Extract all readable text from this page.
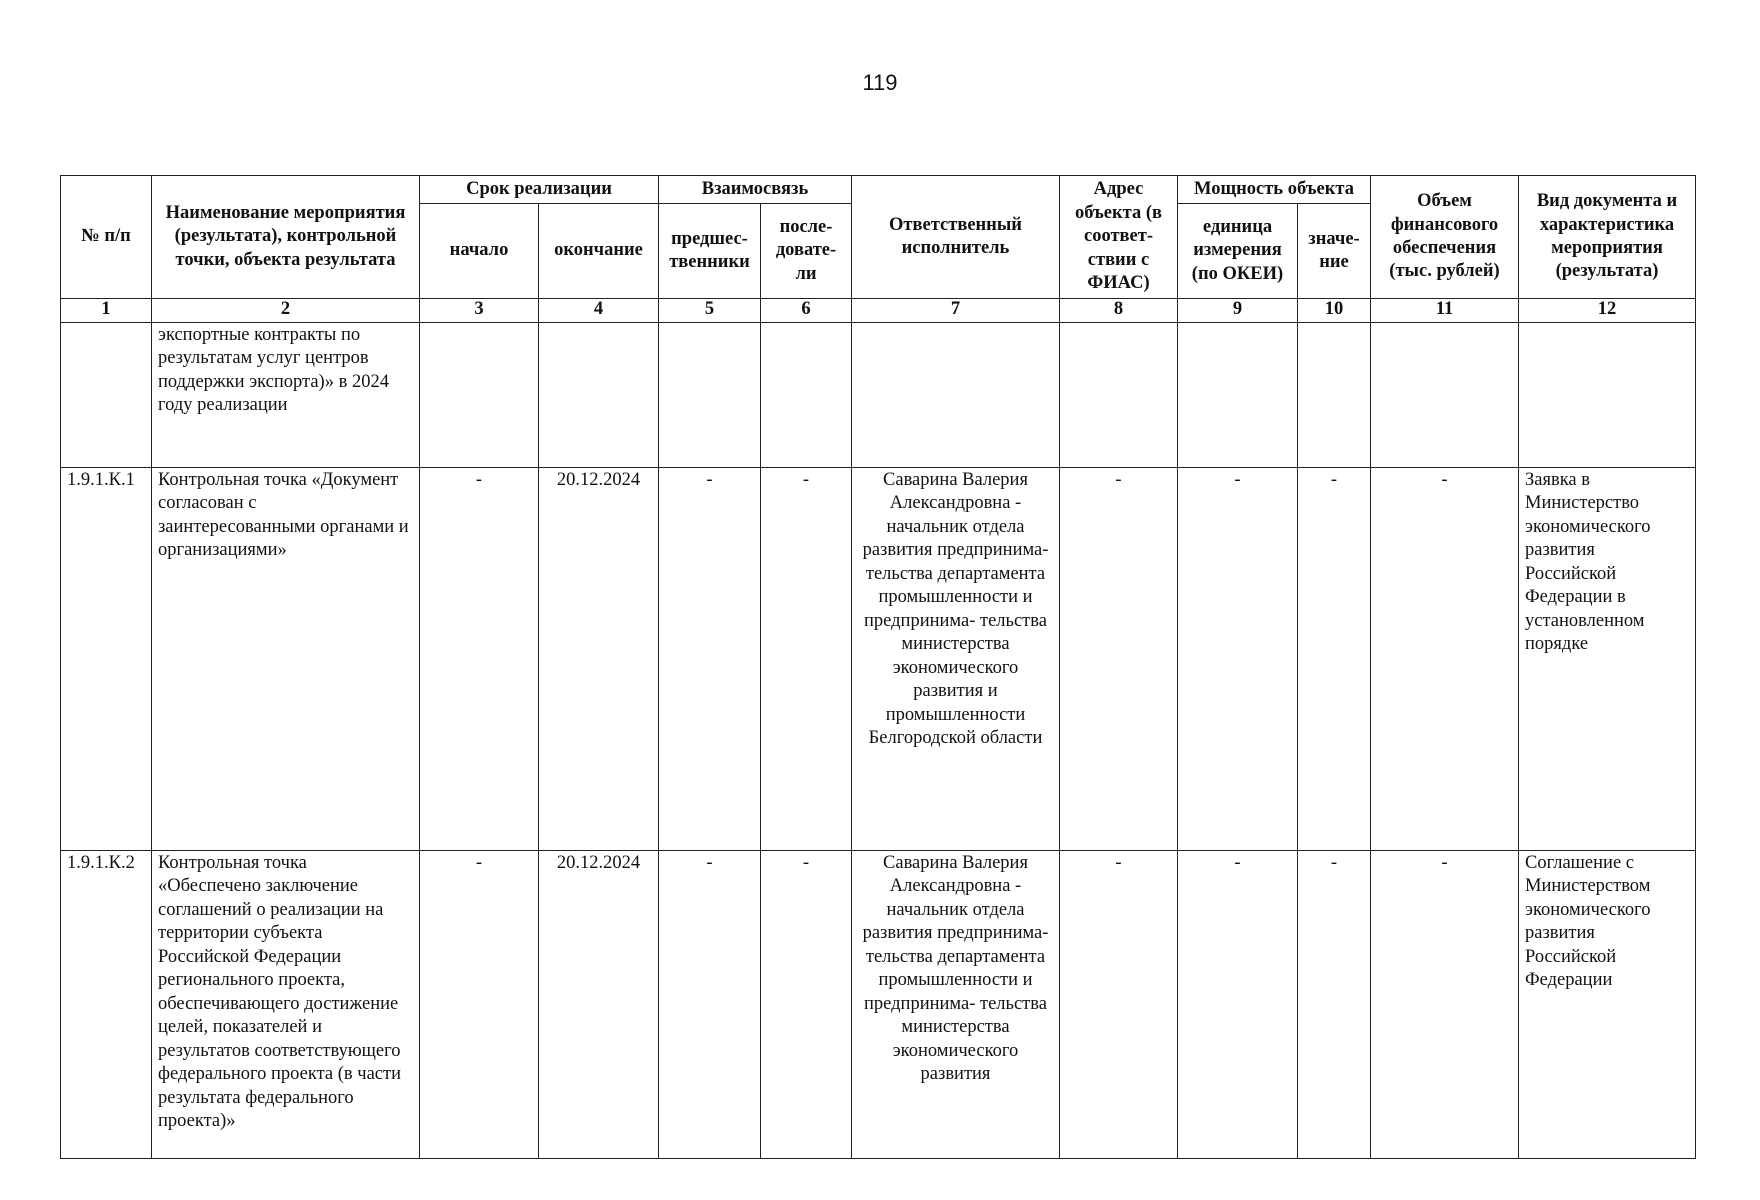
119
№ п/п	Наименование мероприятия (результата), контрольной точки, объекта результата	Срок реализации		Взаимосвязь		Ответственный исполнитель	Адрес объекта (в соответ- ствии с ФИАС)	Мощность объекта		Объем финансового обеспечения (тыс. рублей)	Вид документа и характеристика мероприятия (результата)
		начало	окончание	предшес- твенники	после- довате- ли			единица измерения (по ОКЕИ)	значе- ние		
1	2	3	4	5	6	7	8	9	10	11	12
	экспортные контракты по результатам услуг центров поддержки экспорта)» в 2024 году реализации										
1.9.1.К.1	Контрольная точка «Документ согласован с заинтересованными органами и организациями»	-	20.12.2024	-	-	Саварина Валерия Александровна - начальник отдела развития предпринима- тельства департамента промышленности и предпринима- тельства министерства экономического развития и промышленности Белгородской области	-	-	-	-	Заявка в Министерство экономического развития Российской Федерации в установленном порядке
1.9.1.К.2	Контрольная точка «Обеспечено заключение соглашений о реализации на территории субъекта Российской Федерации регионального проекта, обеспечивающего достижение целей, показателей и результатов соответствующего федерального проекта (в части результата федерального проекта)»	-	20.12.2024	-	-	Саварина Валерия Александровна - начальник отдела развития предпринима- тельства департамента промышленности и предпринима- тельства министерства экономического развития	-	-	-	-	Соглашение с Министерством экономического развития Российской Федерации
